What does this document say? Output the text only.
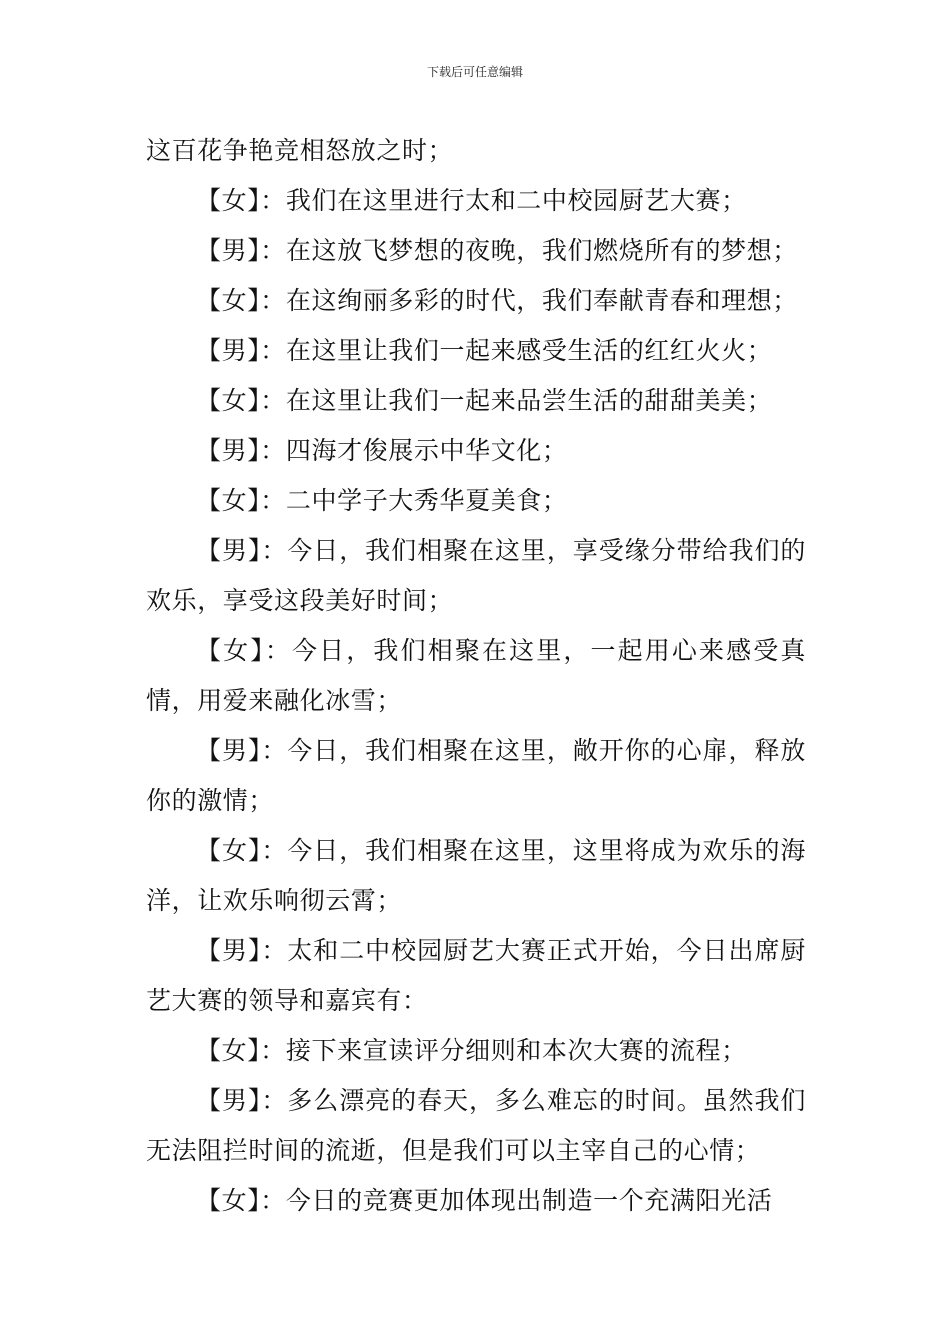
下载后可任意编辑

这百花争艳竞相怒放之时；

【女】：我们在这里进行太和二中校园厨艺大赛；

【男】：在这放飞梦想的夜晚，我们燃烧所有的梦想；

【女】：在这绚丽多彩的时代，我们奉献青春和理想；

【男】：在这里让我们一起来感受生活的红红火火；

【女】：在这里让我们一起来品尝生活的甜甜美美；

【男】：四海才俊展示中华文化；

【女】：二中学子大秀华夏美食；

【男】：今日，我们相聚在这里，享受缘分带给我们的欢乐，享受这段美好时间；

【女】：今日，我们相聚在这里，一起用心来感受真情，用爱来融化冰雪；

【男】：今日，我们相聚在这里，敞开你的心扉，释放你的激情；

【女】：今日，我们相聚在这里，这里将成为欢乐的海洋，让欢乐响彻云霄；

【男】：太和二中校园厨艺大赛正式开始，今日出席厨艺大赛的领导和嘉宾有：

【女】：接下来宣读评分细则和本次大赛的流程；

【男】：多么漂亮的春天，多么难忘的时间。虽然我们无法阻拦时间的流逝，但是我们可以主宰自己的心情；

【女】：今日的竞赛更加体现出制造一个充满阳光活
